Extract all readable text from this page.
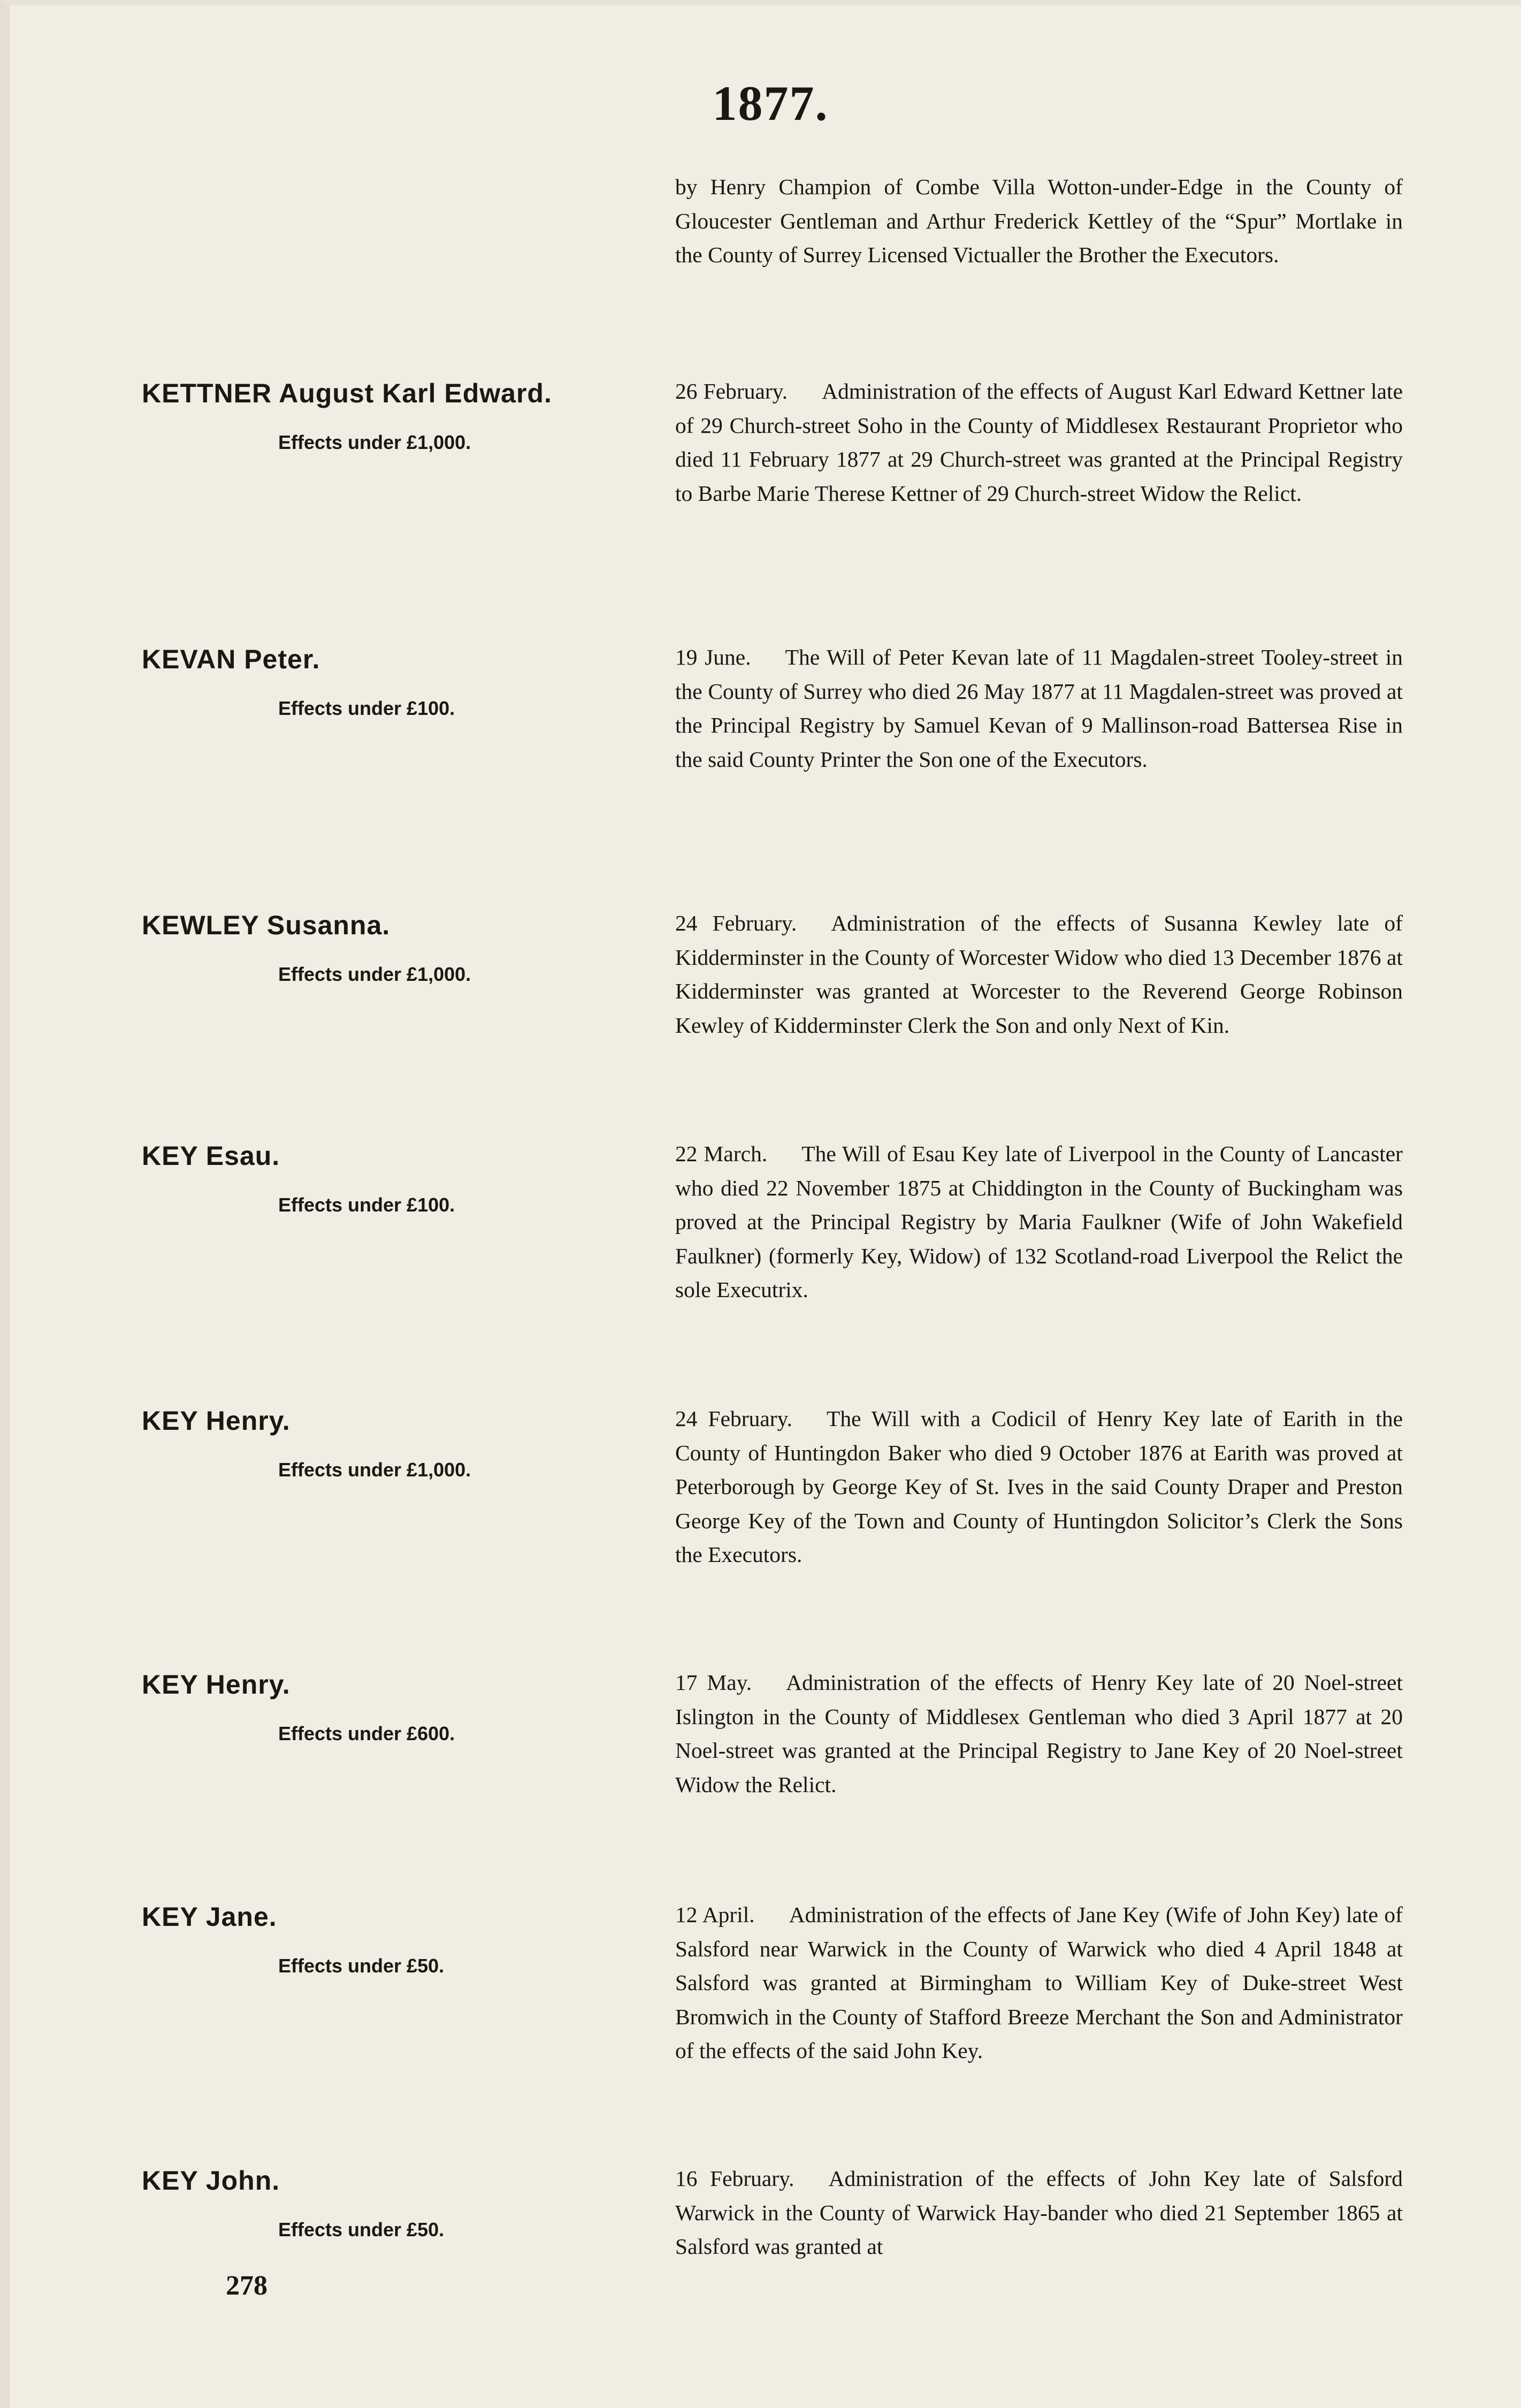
1877.

by Henry Champion of Combe Villa Wotton-under-Edge in the County of Gloucester Gentleman and Arthur Frederick Kettley of the “Spur” Mortlake in the County of Surrey Licensed Victualler the Brother the Executors.

KETTNER August Karl Edward.
Effects under £1,000.

26 February. Administration of the effects of August Karl Edward Kettner late of 29 Church-street Soho in the County of Middlesex Restaurant Proprietor who died 11 February 1877 at 29 Church-street was granted at the Principal Registry to Barbe Marie Therese Kettner of 29 Church-street Widow the Relict.

KEVAN Peter.
Effects under £100.

19 June. The Will of Peter Kevan late of 11 Magdalen-street Tooley-street in the County of Surrey who died 26 May 1877 at 11 Magdalen-street was proved at the Principal Registry by Samuel Kevan of 9 Mallinson-road Battersea Rise in the said County Printer the Son one of the Executors.

KEWLEY Susanna.
Effects under £1,000.

24 February. Administration of the effects of Susanna Kewley late of Kidderminster in the County of Worcester Widow who died 13 December 1876 at Kidderminster was granted at Worcester to the Reverend George Robinson Kewley of Kidderminster Clerk the Son and only Next of Kin.

KEY Esau.
Effects under £100.

22 March. The Will of Esau Key late of Liverpool in the County of Lancaster who died 22 November 1875 at Chiddington in the County of Buckingham was proved at the Principal Registry by Maria Faulkner (Wife of John Wakefield Faulkner) (formerly Key, Widow) of 132 Scotland-road Liverpool the Relict the sole Executrix.

KEY Henry.
Effects under £1,000.

24 February. The Will with a Codicil of Henry Key late of Earith in the County of Huntingdon Baker who died 9 October 1876 at Earith was proved at Peterborough by George Key of St. Ives in the said County Draper and Preston George Key of the Town and County of Huntingdon Solicitor’s Clerk the Sons the Executors.

KEY Henry.
Effects under £600.

17 May. Administration of the effects of Henry Key late of 20 Noel-street Islington in the County of Middlesex Gentleman who died 3 April 1877 at 20 Noel-street was granted at the Principal Registry to Jane Key of 20 Noel-street Widow the Relict.

KEY Jane.
Effects under £50.

12 April. Administration of the effects of Jane Key (Wife of John Key) late of Salsford near Warwick in the County of Warwick who died 4 April 1848 at Salsford was granted at Birmingham to William Key of Duke-street West Bromwich in the County of Stafford Breeze Merchant the Son and Administrator of the effects of the said John Key.

KEY John.
Effects under £50.

16 February. Administration of the effects of John Key late of Salsford Warwick in the County of Warwick Hay-bander who died 21 September 1865 at Salsford was granted at

278
